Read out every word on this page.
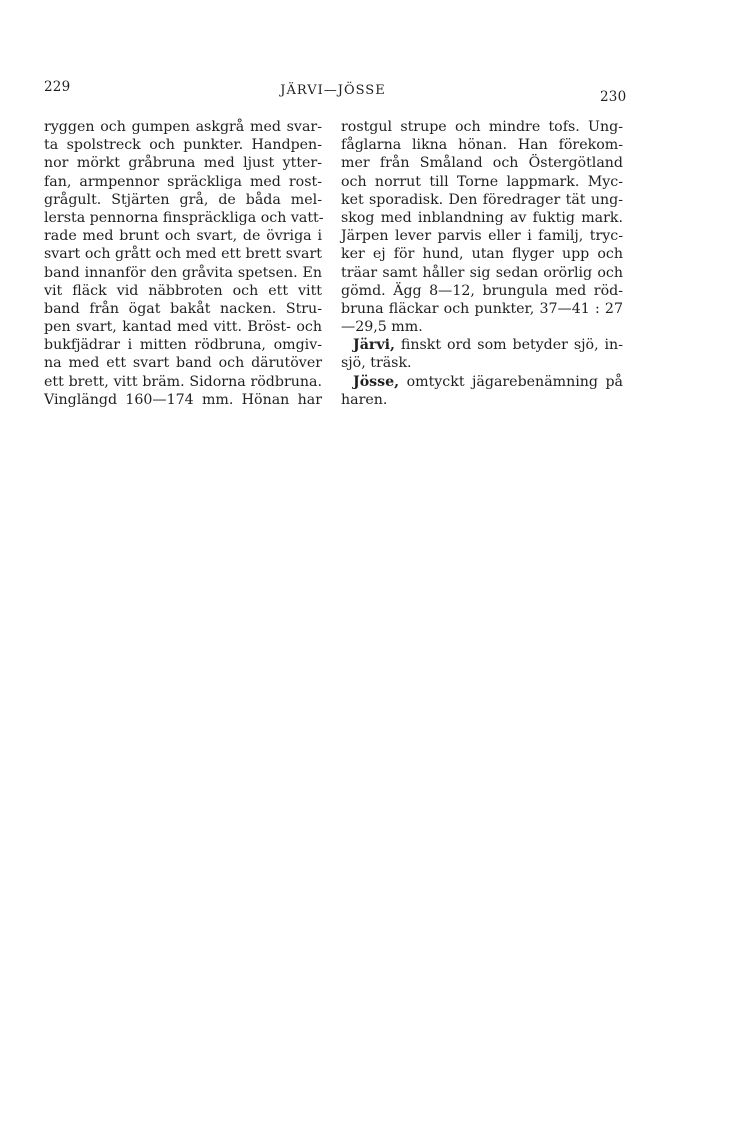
229	JÄRVI—JÖSSE	230
ryggen och gumpen askgrå med svar-
ta spolstreck och punkter. Handpen-
nor mörkt gråbruna med ljust ytter-
fan, armpennor spräckliga med rost-
grågult. Stjärten grå, de båda mel-
lersta pennorna finspräckliga och vatt-
rade med brunt och svart, de övriga i
svart och grått och med ett brett svart
band innanför den gråvita spetsen. En
vit fläck vid näbbroten och ett vitt
band från ögat bakåt nacken. Stru-
pen svart, kantad med vitt. Bröst- och
bukfjädrar i mitten rödbruna, omgiv-
na med ett svart band och därutöver
ett brett, vitt bräm. Sidorna rödbruna.
Vinglängd 160—174 mm. Hönan har
rostgul strupe och mindre tofs. Ung-
fåglarna likna hönan. Han förekom-
mer från Småland och Östergötland
och norrut till Torne lappmark. Myc-
ket sporadisk. Den föredrager tät ung-
skog med inblandning av fuktig mark.
Järpen lever parvis eller i familj, tryc-
ker ej för hund, utan flyger upp och
träar samt håller sig sedan orörlig och
gömd. Ägg 8—12, brungula med röd-
bruna fläckar och punkter, 37—41 : 27
—29,5 mm.
Järvi, finskt ord som betyder sjö, in-
sjö, träsk.
Jösse, omtyckt jägarebenämning på
haren.
